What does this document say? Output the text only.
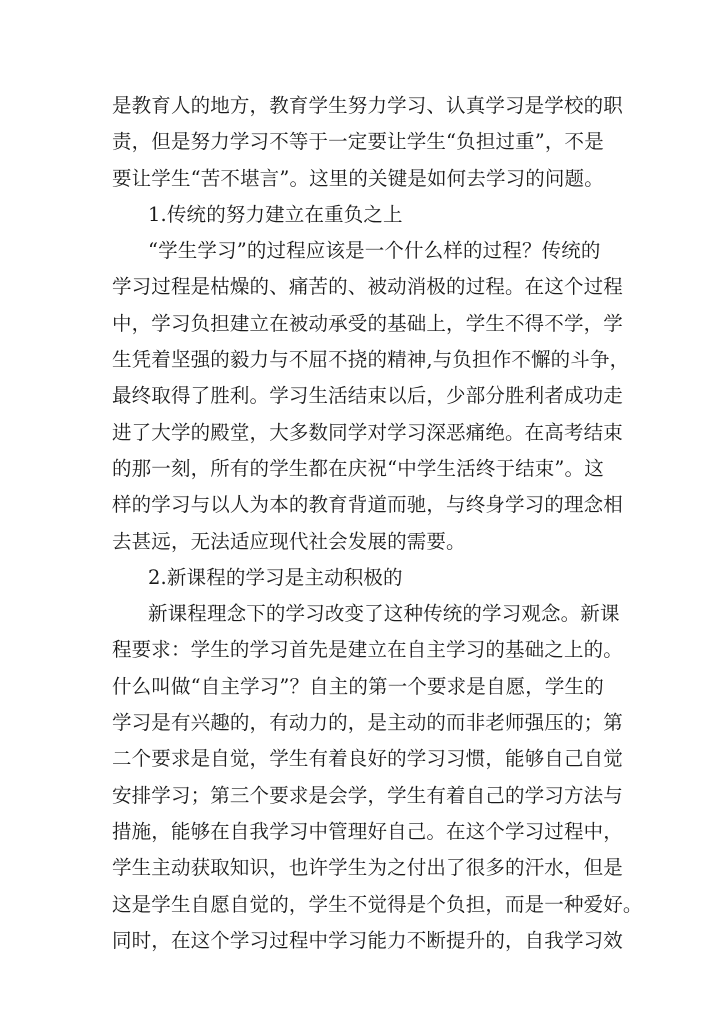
是教育人的地方，教育学生努力学习、认真学习是学校的职
责，但是努力学习不等于一定要让学生“负担过重”，不是
要让学生“苦不堪言”。这里的关键是如何去学习的问题。
1.传统的努力建立在重负之上
“学生学习”的过程应该是一个什么样的过程？传统的
学习过程是枯燥的、痛苦的、被动消极的过程。在这个过程
中，学习负担建立在被动承受的基础上，学生不得不学，学
生凭着坚强的毅力与不屈不挠的精神,与负担作不懈的斗争，
最终取得了胜利。学习生活结束以后，少部分胜利者成功走
进了大学的殿堂，大多数同学对学习深恶痛绝。在高考结束
的那一刻，所有的学生都在庆祝“中学生活终于结束”。这
样的学习与以人为本的教育背道而驰，与终身学习的理念相
去甚远，无法适应现代社会发展的需要。
2.新课程的学习是主动积极的
新课程理念下的学习改变了这种传统的学习观念。新课
程要求：学生的学习首先是建立在自主学习的基础之上的。
什么叫做“自主学习”？自主的第一个要求是自愿，学生的
学习是有兴趣的，有动力的，是主动的而非老师强压的；第
二个要求是自觉，学生有着良好的学习习惯，能够自己自觉
安排学习；第三个要求是会学，学生有着自己的学习方法与
措施，能够在自我学习中管理好自己。在这个学习过程中，
学生主动获取知识，也许学生为之付出了很多的汗水，但是
这是学生自愿自觉的，学生不觉得是个负担，而是一种爱好。
同时，在这个学习过程中学习能力不断提升的，自我学习效
